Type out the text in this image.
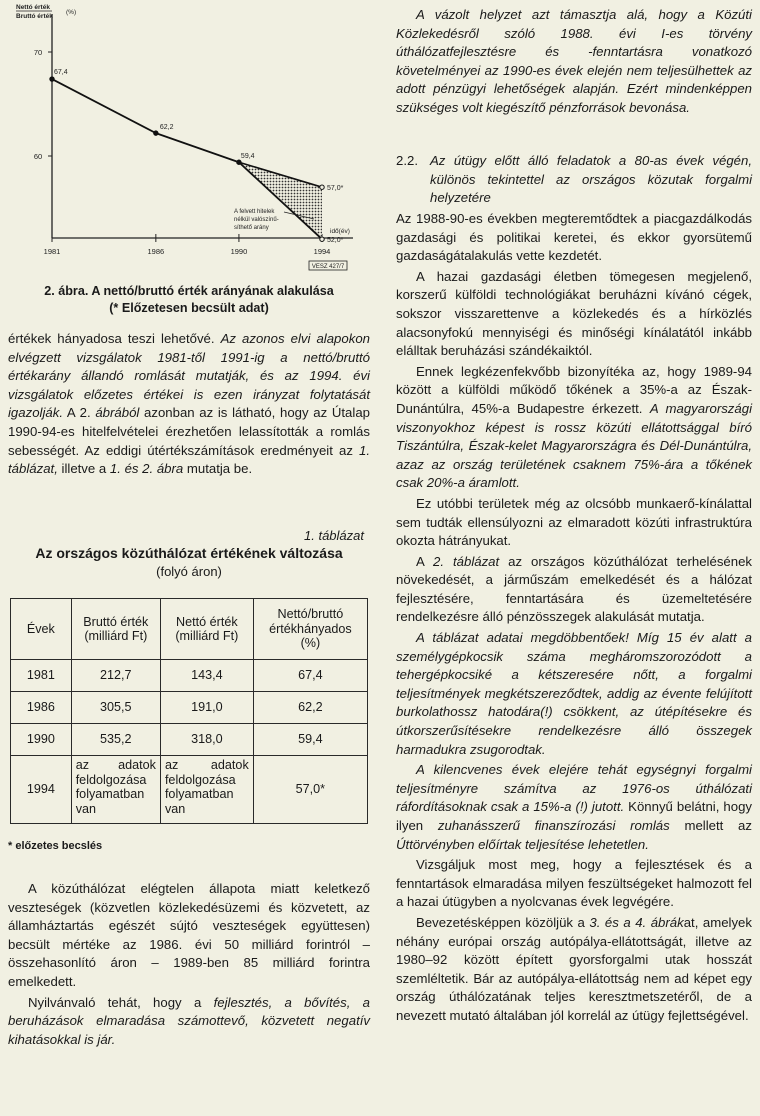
Nettó érték
Bruttó érték
(%)
idő(év)
70
60
1981	1986	1990	1994
67,4
62,2
59,4
52,0*
57,0*
A felvett hitelek
nélkül valószínű-
síthető arány
VESZ 427/7
2. ábra. A nettó/bruttó érték arányának alakulása
(* Előzetesen becsült adat)

értékek hányadosa teszi lehetővé. Az azonos elvi alapokon elvégzett vizsgálatok 1981-től 1991-ig a nettó/bruttó értékarány állandó romlását mutatják, és az 1994. évi vizsgálatok előzetes értékei is ezen irányzat folytatását igazolják. A 2. ábrából azonban az is látható, hogy az Útalap 1990-94-es hitelfelvételei érezhetően lelassították a romlás sebességét. Az eddigi útértékszámítások eredményeit az 1. táblázat, illetve a 1. és 2. ábra mutatja be.

1. táblázat
Az országos közúthálózat értékének változása
(folyó áron)
Évek	Bruttó érték (milliárd Ft)	Nettó érték (milliárd Ft)	Nettó/bruttó értékhányados (%)
1981	212,7	143,4	67,4
1986	305,5	191,0	62,2
1990	535,2	318,0	59,4
1994	az adatok feldolgozása folyamatban van	az adatok feldolgozása folyamatban van	57,0*
* előzetes becslés

A közúthálózat elégtelen állapota miatt keletkező veszteségek (közvetlen közlekedésüzemi és közvetett, az államháztartás egészét sújtó veszteségek együttesen) becsült mértéke az 1986. évi 50 milliárd forintról – összehasonlító áron – 1989-ben 85 milliárd forintra emelkedett.

Nyilvánvaló tehát, hogy a fejlesztés, a bővítés, a beruházások elmaradása számottevő, közvetett negatív kihatásokkal is jár.

A vázolt helyzet azt támasztja alá, hogy a Közúti Közlekedésről szóló 1988. évi I-es törvény úthálózatfejlesztésre és -fenntartásra vonatkozó követelményei az 1990-es évek elején nem teljesülhettek az adott pénzügyi lehetőségek alapján. Ezért mindenképpen szükséges volt kiegészítő pénzforrások bevonása.

2.2. Az útügy előtt álló feladatok a 80-as évek végén, különös tekintettel az országos közutak forgalmi helyzetére

Az 1988-90-es években megteremtődtek a piacgazdálkodás gazdasági és politikai keretei, és ekkor gyorsütemű gazdaságátalakulás vette kezdetét.

A hazai gazdasági életben tömegesen megjelenő, korszerű külföldi technológiákat beruházni kívánó cégek, sokszor visszarettenve a közlekedés és a hírközlés alacsonyfokú mennyiségi és minőségi kínálatától inkább elálltak beruházási szándékaiktól.

Ennek legkézenfekvőbb bizonyítéka az, hogy 1989-94 között a külföldi működő tőkének a 35%-a az Észak-Dunántúlra, 45%-a Budapestre érkezett. A magyarországi viszonyokhoz képest is rossz közúti ellátottsággal bíró Tiszántúlra, Észak-kelet Magyarországra és Dél-Dunántúlra, azaz az ország területének csaknem 75%-ára a tőkének csak 20%-a áramlott.

Ez utóbbi területek még az olcsóbb munkaerő-kínálattal sem tudták ellensúlyozni az elmaradott közúti infrastruktúra okozta hátrányukat.

A 2. táblázat az országos közúthálózat terhelésének növekedését, a járműszám emelkedését és a hálózat fejlesztésére, fenntartására és üzemeltetésére rendelkezésre álló pénzösszegek alakulását mutatja.

A táblázat adatai megdöbbentőek! Míg 15 év alatt a személygépkocsik száma megháromszorozódott a tehergépkocsiké a kétszeresére nőtt, a forgalmi teljesítmények megkétszereződtek, addig az évente felújított burkolathossz hatodára(!) csökkent, az útépítésekre és útkorszerűsítésekre rendelkezésre álló összegek harmadukra zsugorodtak.

A kilencvenes évek elejére tehát egységnyi forgalmi teljesítményre számítva az 1976-os úthálózati ráfordításoknak csak a 15%-a (!) jutott. Könnyű belátni, hogy ilyen zuhanásszerű finanszírozási romlás mellett az Úttörvényben előírtak teljesítése lehetetlen.

Vizsgáljuk most meg, hogy a fejlesztések és a fenntartások elmaradása milyen feszültségeket halmozott fel a hazai útügyben a nyolcvanas évek legvégére.

Bevezetésképpen közöljük a 3. és a 4. ábrákat, amelyek néhány európai ország autópálya-ellátottságát, illetve az 1980–92 között épített gyorsforgalmi utak hosszát szemléltetik. Bár az autópálya-ellátottság nem ad képet egy ország úthálózatának teljes keresztmetszetéről, de a nevezett mutató általában jól korrelál az útügy fejlettségével.
